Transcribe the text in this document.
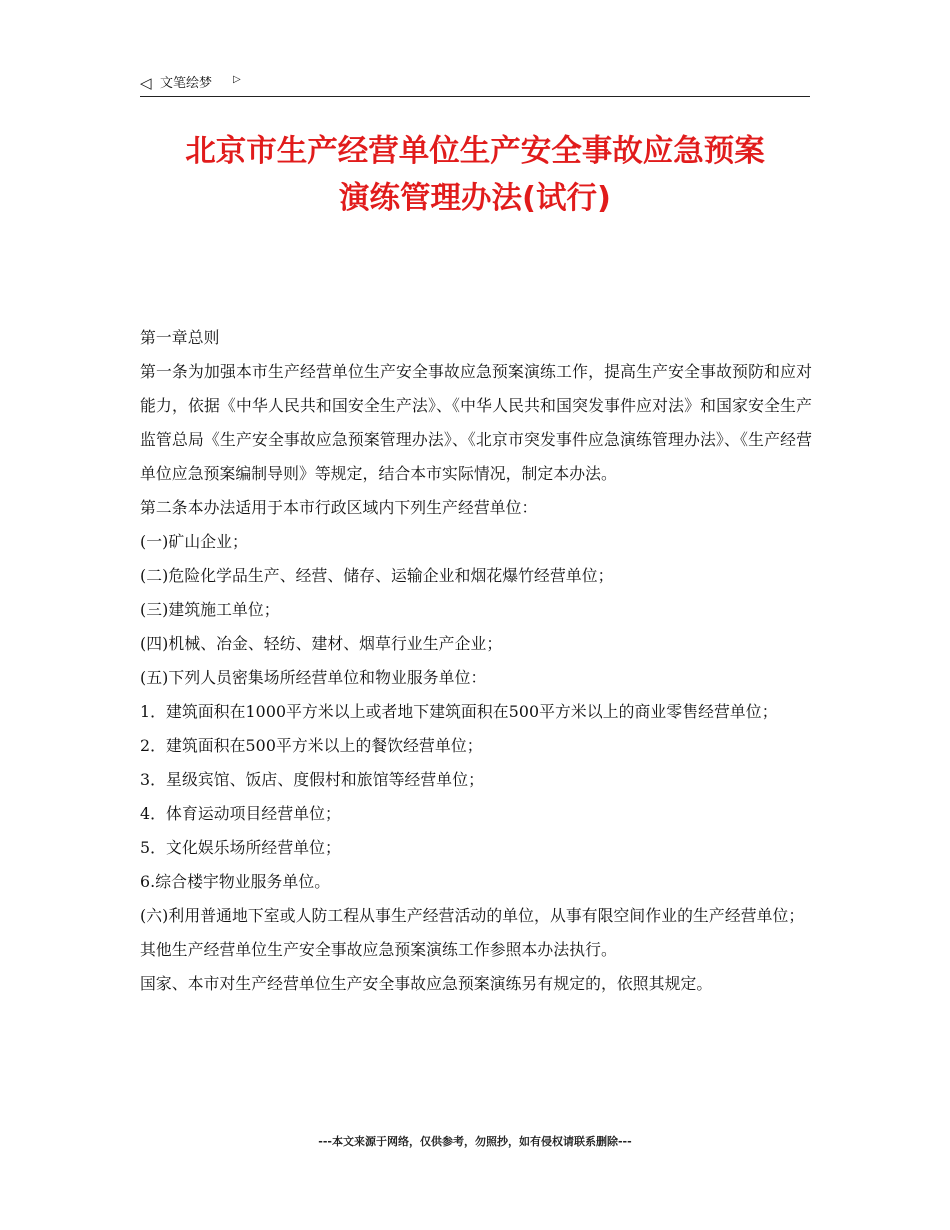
◁ 文笔绘梦 ▷
北京市生产经营单位生产安全事故应急预案
演练管理办法(试行)

第一章总则

第一条为加强本市生产经营单位生产安全事故应急预案演练工作，提高生产安全事故预防和应对能力，依据《中华人民共和国安全生产法》、《中华人民共和国突发事件应对法》和国家安全生产监管总局《生产安全事故应急预案管理办法》、《北京市突发事件应急演练管理办法》、《生产经营单位应急预案编制导则》等规定，结合本市实际情况，制定本办法。

第二条本办法适用于本市行政区域内下列生产经营单位：

(一)矿山企业；

(二)危险化学品生产、经营、储存、运输企业和烟花爆竹经营单位；

(三)建筑施工单位；

(四)机械、冶金、轻纺、建材、烟草行业生产企业；

(五)下列人员密集场所经营单位和物业服务单位：

1．建筑面积在1000平方米以上或者地下建筑面积在500平方米以上的商业零售经营单位；

2．建筑面积在500平方米以上的餐饮经营单位；

3．星级宾馆、饭店、度假村和旅馆等经营单位；

4．体育运动项目经营单位；

5．文化娱乐场所经营单位；

6.综合楼宇物业服务单位。

(六)利用普通地下室或人防工程从事生产经营活动的单位，从事有限空间作业的生产经营单位；

其他生产经营单位生产安全事故应急预案演练工作参照本办法执行。

国家、本市对生产经营单位生产安全事故应急预案演练另有规定的，依照其规定。

---本文来源于网络，仅供参考，勿照抄，如有侵权请联系删除---
